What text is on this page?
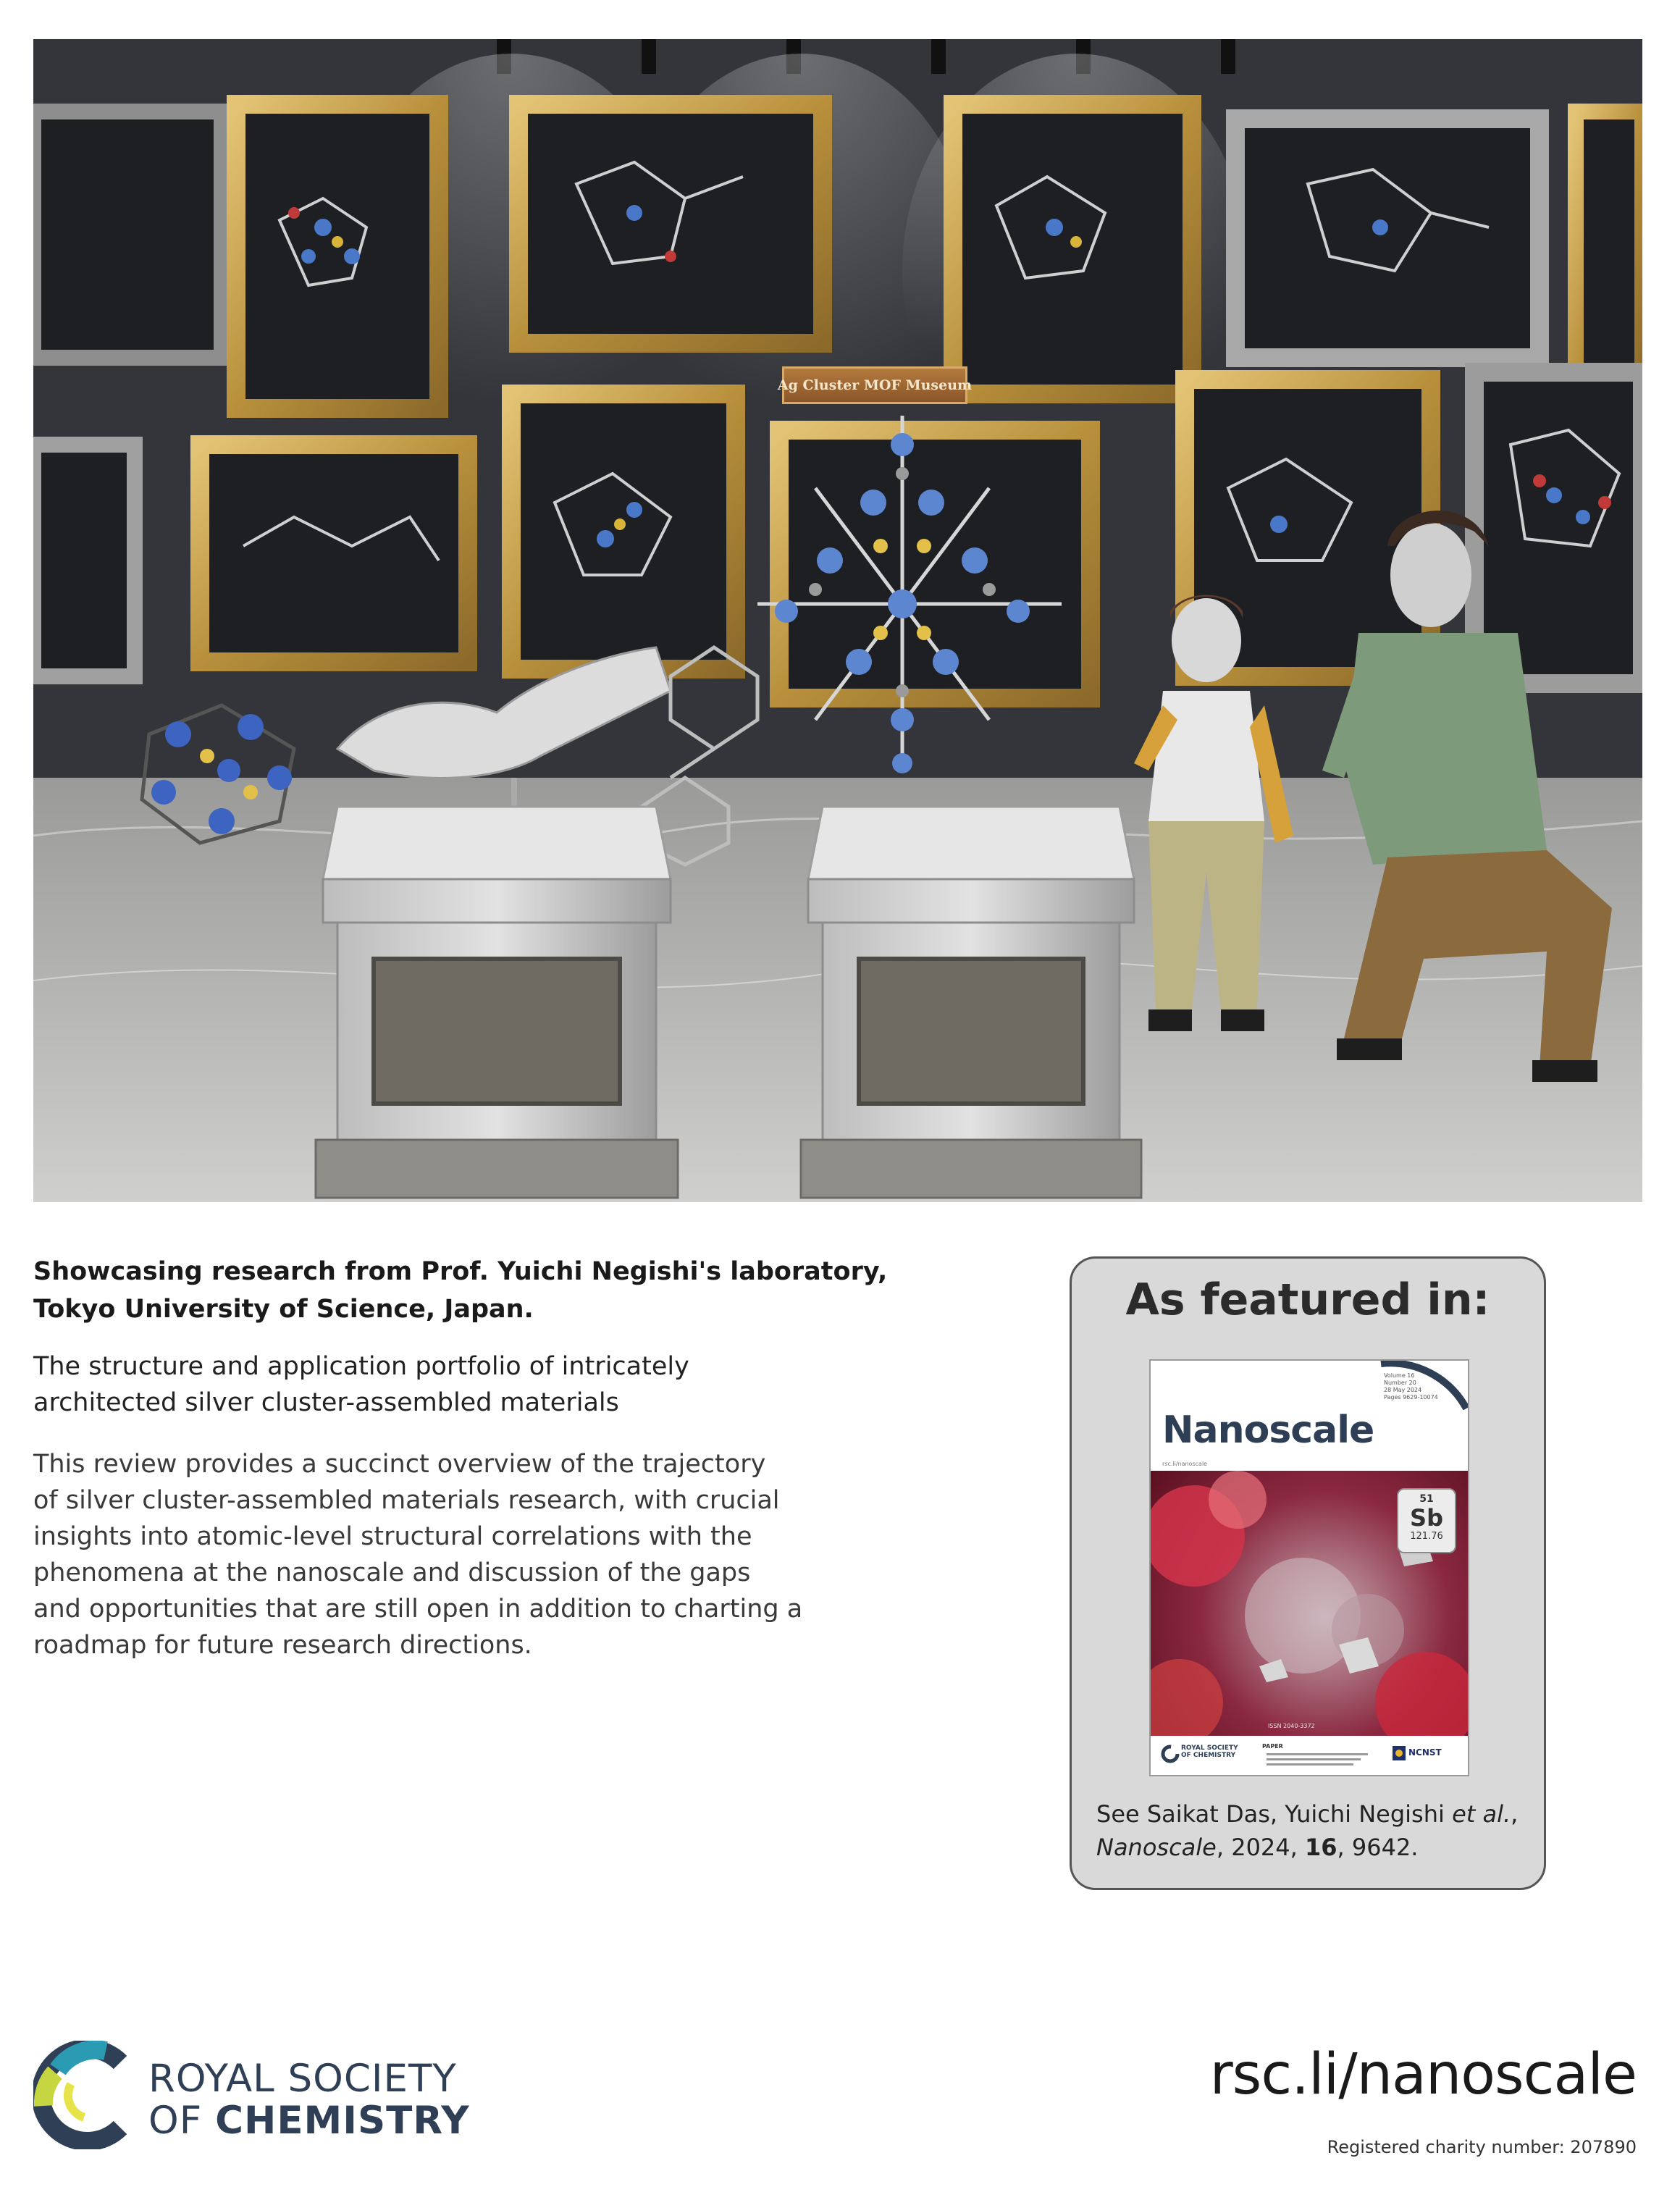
Ag Cluster MOF Museum
Showcasing research from Prof. Yuichi Negishi's laboratory,
Tokyo University of Science, Japan.
The structure and application portfolio of intricately
architected silver cluster-assembled materials
This review provides a succinct overview of the trajectory
of silver cluster-assembled materials research, with crucial
insights into atomic-level structural correlations with the
phenomena at the nanoscale and discussion of the gaps
and opportunities that are still open in addition to charting a
roadmap for future research directions.
As featured in:
Volume 16
Number 20
28 May 2024
Pages 9629-10074
Nanoscale
rsc.li/nanoscale
51
Sb
121.76
ISSN 2040-3372
ROYAL SOCIETY
OF CHEMISTRY
PAPER
NCNST
See Saikat Das, Yuichi Negishi et al.,
Nanoscale, 2024, 16, 9642.
ROYAL SOCIETY
OF CHEMISTRY
rsc.li/nanoscale
Registered charity number: 207890
